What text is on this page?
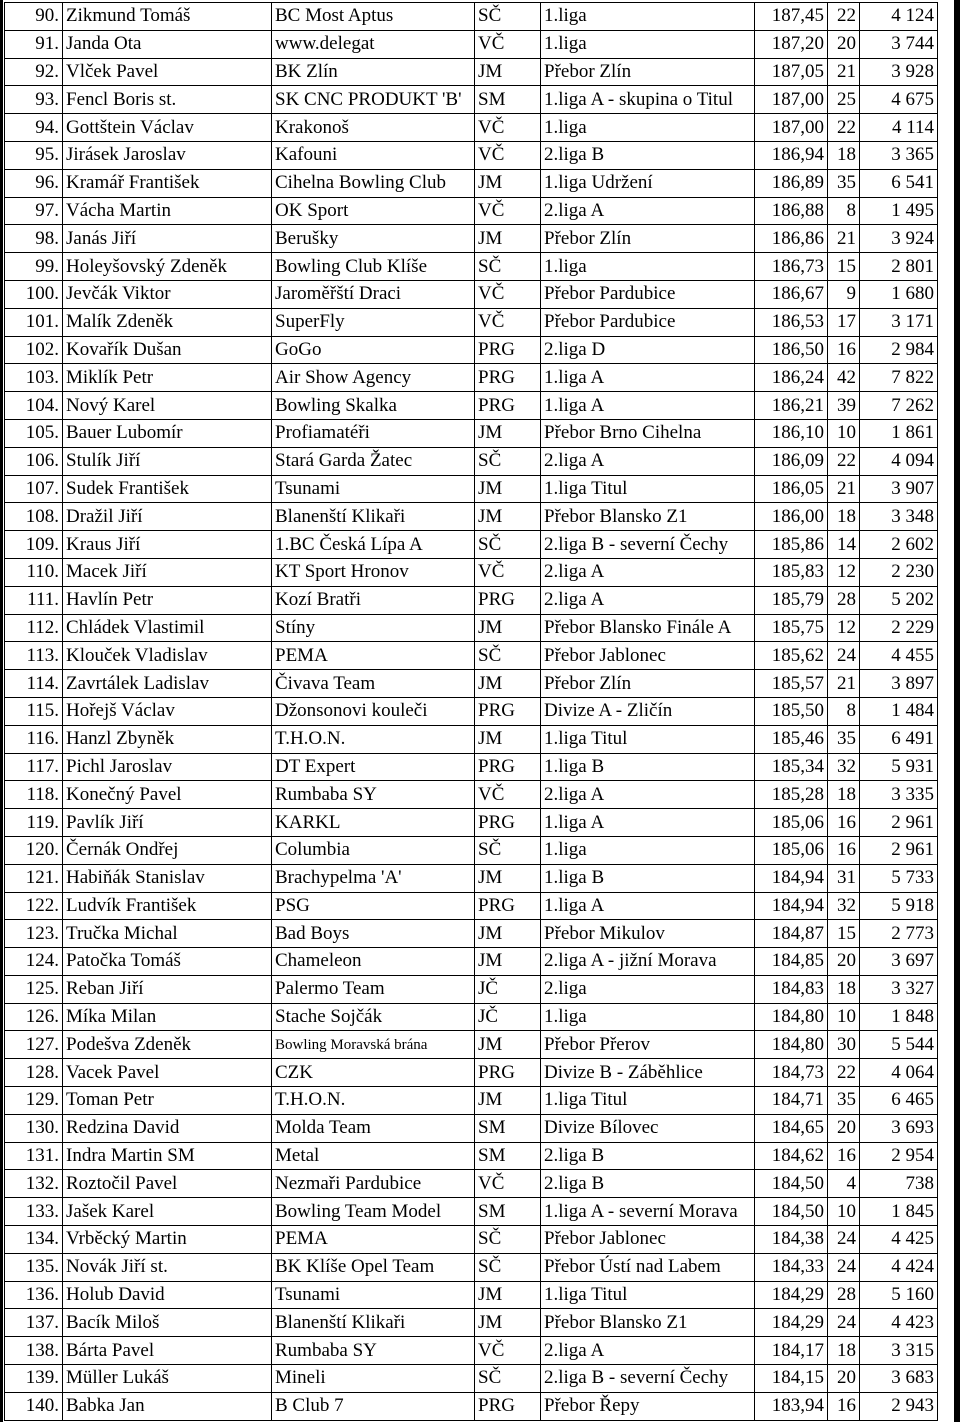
90.	Zikmund Tomáš	BC Most Aptus	SČ	1.liga	187,45	22	4 124
91.	Janda Ota	www.delegat	VČ	1.liga	187,20	20	3 744
92.	Vlček Pavel	BK Zlín	JM	Přebor Zlín	187,05	21	3 928
93.	Fencl Boris st.	SK CNC PRODUKT 'B'	SM	1.liga A - skupina o Titul	187,00	25	4 675
94.	Gottštein Václav	Krakonoš	VČ	1.liga	187,00	22	4 114
95.	Jirásek Jaroslav	Kafouni	VČ	2.liga B	186,94	18	3 365
96.	Kramář František	Cihelna Bowling Club	JM	1.liga Udržení	186,89	35	6 541
97.	Vácha Martin	OK Sport	VČ	2.liga A	186,88	8	1 495
98.	Janás Jiří	Berušky	JM	Přebor Zlín	186,86	21	3 924
99.	Holeyšovský Zdeněk	Bowling Club Klíše	SČ	1.liga	186,73	15	2 801
100.	Jevčák Viktor	Jaroměřští Draci	VČ	Přebor Pardubice	186,67	9	1 680
101.	Malík Zdeněk	SuperFly	VČ	Přebor Pardubice	186,53	17	3 171
102.	Kovařík Dušan	GoGo	PRG	2.liga D	186,50	16	2 984
103.	Miklík Petr	Air Show Agency	PRG	1.liga A	186,24	42	7 822
104.	Nový Karel	Bowling Skalka	PRG	1.liga A	186,21	39	7 262
105.	Bauer Lubomír	Profiamatéři	JM	Přebor Brno Cihelna	186,10	10	1 861
106.	Stulík Jiří	Stará Garda Žatec	SČ	2.liga A	186,09	22	4 094
107.	Sudek František	Tsunami	JM	1.liga Titul	186,05	21	3 907
108.	Dražil Jiří	Blanenští Klikaři	JM	Přebor Blansko Z1	186,00	18	3 348
109.	Kraus Jiří	1.BC Česká Lípa A	SČ	2.liga B - severní Čechy	185,86	14	2 602
110.	Macek Jiří	KT Sport Hronov	VČ	2.liga A	185,83	12	2 230
111.	Havlín Petr	Kozí Bratři	PRG	2.liga A	185,79	28	5 202
112.	Chládek Vlastimil	Stíny	JM	Přebor Blansko Finále A	185,75	12	2 229
113.	Klouček Vladislav	PEMA	SČ	Přebor Jablonec	185,62	24	4 455
114.	Zavrtálek Ladislav	Čivava Team	JM	Přebor Zlín	185,57	21	3 897
115.	Hořejš Václav	Džonsonovi kouleči	PRG	Divize A - Zličín	185,50	8	1 484
116.	Hanzl Zbyněk	T.H.O.N.	JM	1.liga Titul	185,46	35	6 491
117.	Pichl Jaroslav	DT Expert	PRG	1.liga B	185,34	32	5 931
118.	Konečný Pavel	Rumbaba SY	VČ	2.liga A	185,28	18	3 335
119.	Pavlík Jiří	KARKL	PRG	1.liga A	185,06	16	2 961
120.	Černák Ondřej	Columbia	SČ	1.liga	185,06	16	2 961
121.	Habiňák Stanislav	Brachypelma 'A'	JM	1.liga B	184,94	31	5 733
122.	Ludvík František	PSG	PRG	1.liga A	184,94	32	5 918
123.	Tručka Michal	Bad Boys	JM	Přebor Mikulov	184,87	15	2 773
124.	Patočka Tomáš	Chameleon	JM	2.liga A - jižní Morava	184,85	20	3 697
125.	Reban Jiří	Palermo Team	JČ	2.liga	184,83	18	3 327
126.	Míka Milan	Stache Sojčák	JČ	1.liga	184,80	10	1 848
127.	Podešva Zdeněk	Bowling Moravská brána	JM	Přebor Přerov	184,80	30	5 544
128.	Vacek Pavel	CZK	PRG	Divize B - Záběhlice	184,73	22	4 064
129.	Toman Petr	T.H.O.N.	JM	1.liga Titul	184,71	35	6 465
130.	Redzina David	Molda Team	SM	Divize Bílovec	184,65	20	3 693
131.	Indra Martin SM	Metal	SM	2.liga B	184,62	16	2 954
132.	Roztočil Pavel	Nezmaři Pardubice	VČ	2.liga B	184,50	4	738
133.	Jašek Karel	Bowling Team Model	SM	1.liga A - severní Morava	184,50	10	1 845
134.	Vrběcký Martin	PEMA	SČ	Přebor Jablonec	184,38	24	4 425
135.	Novák Jiří st.	BK Klíše Opel Team	SČ	Přebor Ústí nad Labem	184,33	24	4 424
136.	Holub David	Tsunami	JM	1.liga Titul	184,29	28	5 160
137.	Bacík Miloš	Blanenští Klikaři	JM	Přebor Blansko Z1	184,29	24	4 423
138.	Bárta Pavel	Rumbaba SY	VČ	2.liga A	184,17	18	3 315
139.	Müller Lukáš	Mineli	SČ	2.liga B - severní Čechy	184,15	20	3 683
140.	Babka Jan	B Club 7	PRG	Přebor Řepy	183,94	16	2 943
